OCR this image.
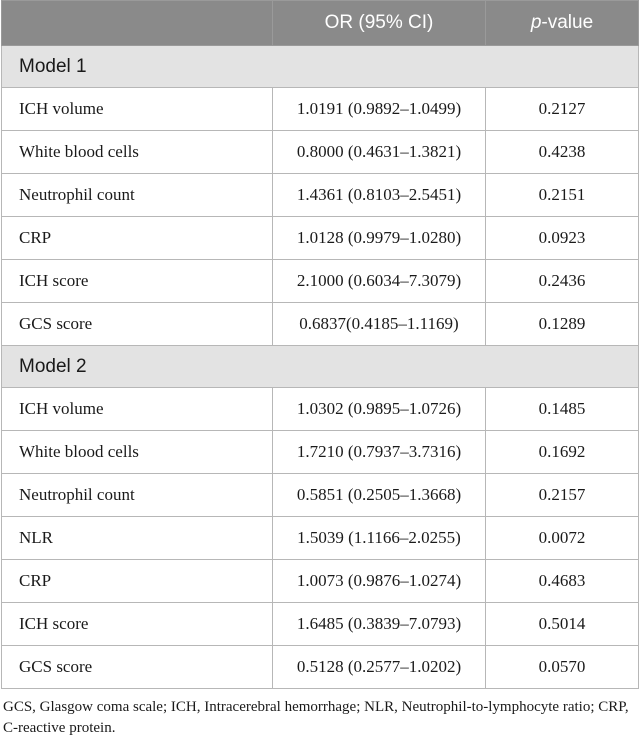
	OR (95% CI)	p-value
Model 1		
ICH volume	1.0191 (0.9892–1.0499)	0.2127
White blood cells	0.8000 (0.4631–1.3821)	0.4238
Neutrophil count	1.4361 (0.8103–2.5451)	0.2151
CRP	1.0128 (0.9979–1.0280)	0.0923
ICH score	2.1000 (0.6034–7.3079)	0.2436
GCS score	0.6837(0.4185–1.1169)	0.1289
Model 2		
ICH volume	1.0302 (0.9895–1.0726)	0.1485
White blood cells	1.7210 (0.7937–3.7316)	0.1692
Neutrophil count	0.5851 (0.2505–1.3668)	0.2157
NLR	1.5039 (1.1166–2.0255)	0.0072
CRP	1.0073 (0.9876–1.0274)	0.4683
ICH score	1.6485 (0.3839–7.0793)	0.5014
GCS score	0.5128 (0.2577–1.0202)	0.0570
GCS, Glasgow coma scale; ICH, Intracerebral hemorrhage; NLR, Neutrophil-to-lymphocyte ratio; CRP, C-reactive protein.
